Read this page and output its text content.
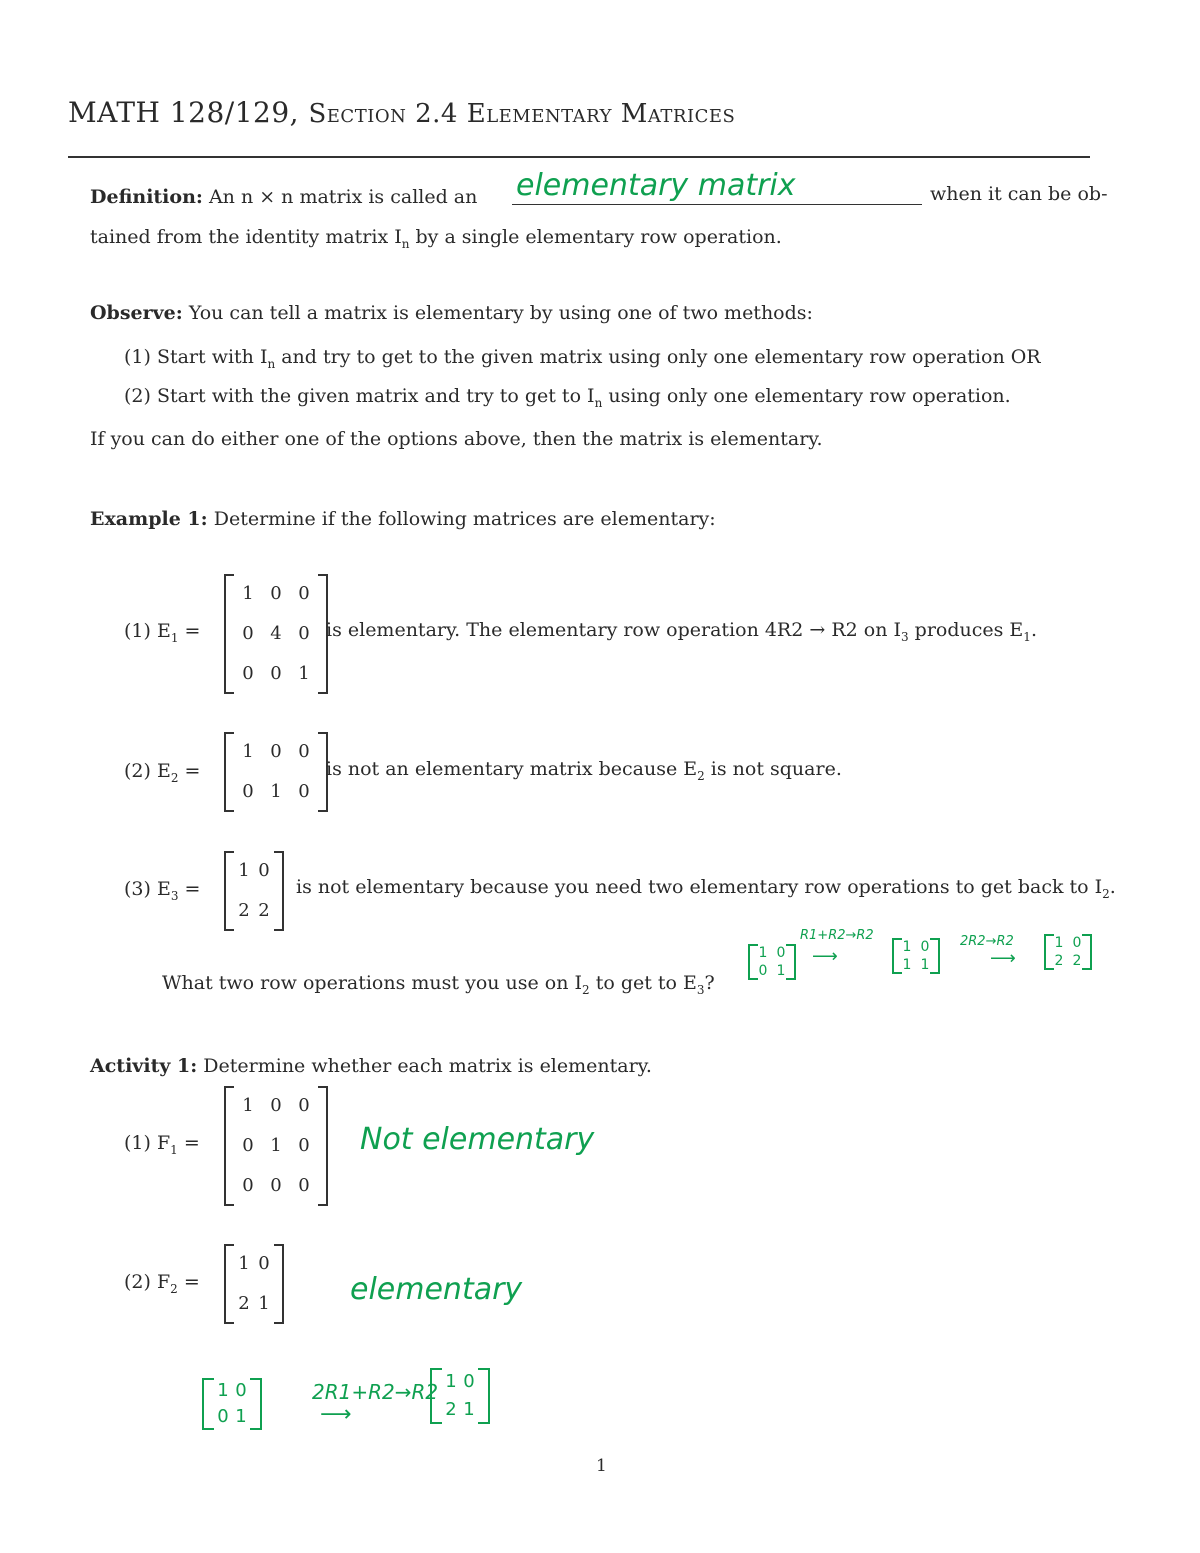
MATH 128/129, Section 2.4 Elementary Matrices
Definition: An n × n matrix is called an elementary matrix	when it can be ob-
tained from the identity matrix $I_n$ by a single elementary row operation.
Observe: You can tell a matrix is elementary by using one of two methods:
(1) Start with $I_n$ and try to get to the given matrix using only one elementary row operation OR
(2) Start with the given matrix and try to get to $I_n$ using only one elementary row operation.
If you can do either one of the options above, then the matrix is elementary.
Example 1: Determine if the following matrices are elementary:
(1) $E_1$ =
1 0 0
0 4 0
0 0 1
is elementary. The elementary row operation 4R2 → R2 on $I_3$ produces $E_1$.
(2) $E_2$ =
1 0 0
0 1 0
is not an elementary matrix because $E_2$ is not square.
(3) $E_3$ =
1 0
2 2
is not elementary because you need two elementary row operations to get back to $I_2$.
1 0
0 1
R1+R2→R2
⟶	1 0
1 1
2R2→R2
⟶
1 0
2 2
What two row operations must you use on $I_2$ to get to $E_3$?
Activity 1: Determine whether each matrix is elementary.
(1) $F_1$ =
1 0 0
0 1 0
0 0 0
Not elementary
(2) $F_2$ =
1 0
2 1	elementary
1 0
0 1
2R1+R2→R2
⟶
1 0
2 1
1
